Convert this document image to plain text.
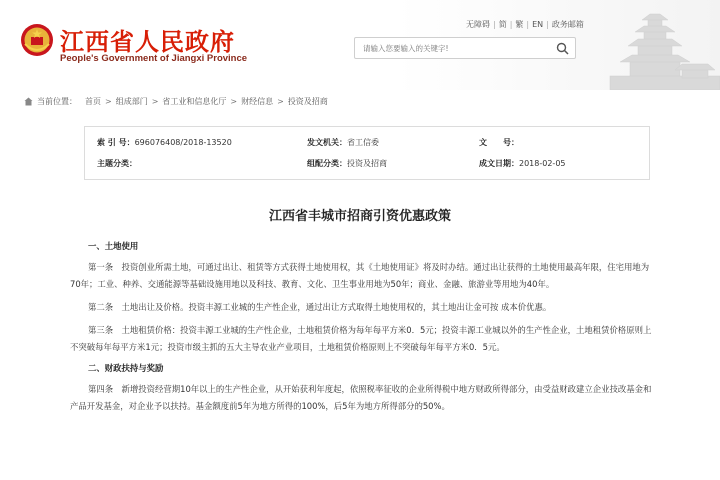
江西省人民政府
People's Government of Jiangxi Province
无障碍 | 简 | 繁 | EN | 政务邮箱
请输入您要输入的关键字!
当前位置： 首页 > 组成部门 > 省工业和信息化厅 > 财经信息 > 投资及招商
索 引 号：696076408/2018-13520	发文机关：省工信委	文　　号：
主题分类：	组配分类：投资及招商	成文日期：2018-02-05
江西省丰城市招商引资优惠政策

一、土地使用

第一条　投资创业所需土地，可通过出让、租赁等方式获得土地使用权，其《土地使用证》将及时办结。通过出让获得的土地使用最高年限，住宅用地为70年；工业、种养、交通能源等基础设施用地以及科技、教育、文化、卫生事业用地为50年；商业、金融、旅游业等用地为40年。

第二条　土地出让及价格。投资丰源工业城的生产性企业，通过出让方式取得土地使用权的，其土地出让金可按 成本价优惠。

第三条　土地租赁价格：投资丰源工业城的生产性企业，土地租赁价格为每年每平方米0．5元；投资丰源工业城以外的生产性企业，土地租赁价格原则上不突破每年每平方米1元；投资市级主抓的五大主导农业产业项目，土地租赁价格原则上不突破每年每平方米0．5元。

二、财政扶持与奖励

第四条　新增投资经营期10年以上的生产性企业，从开始获利年度起，依照税率征收的企业所得税中地方财政所得部分，由受益财政建立企业技改基金和产品开发基金，对企业予以扶持。基金额度前5年为地方所得的100%，后5年为地方所得部分的50%。
